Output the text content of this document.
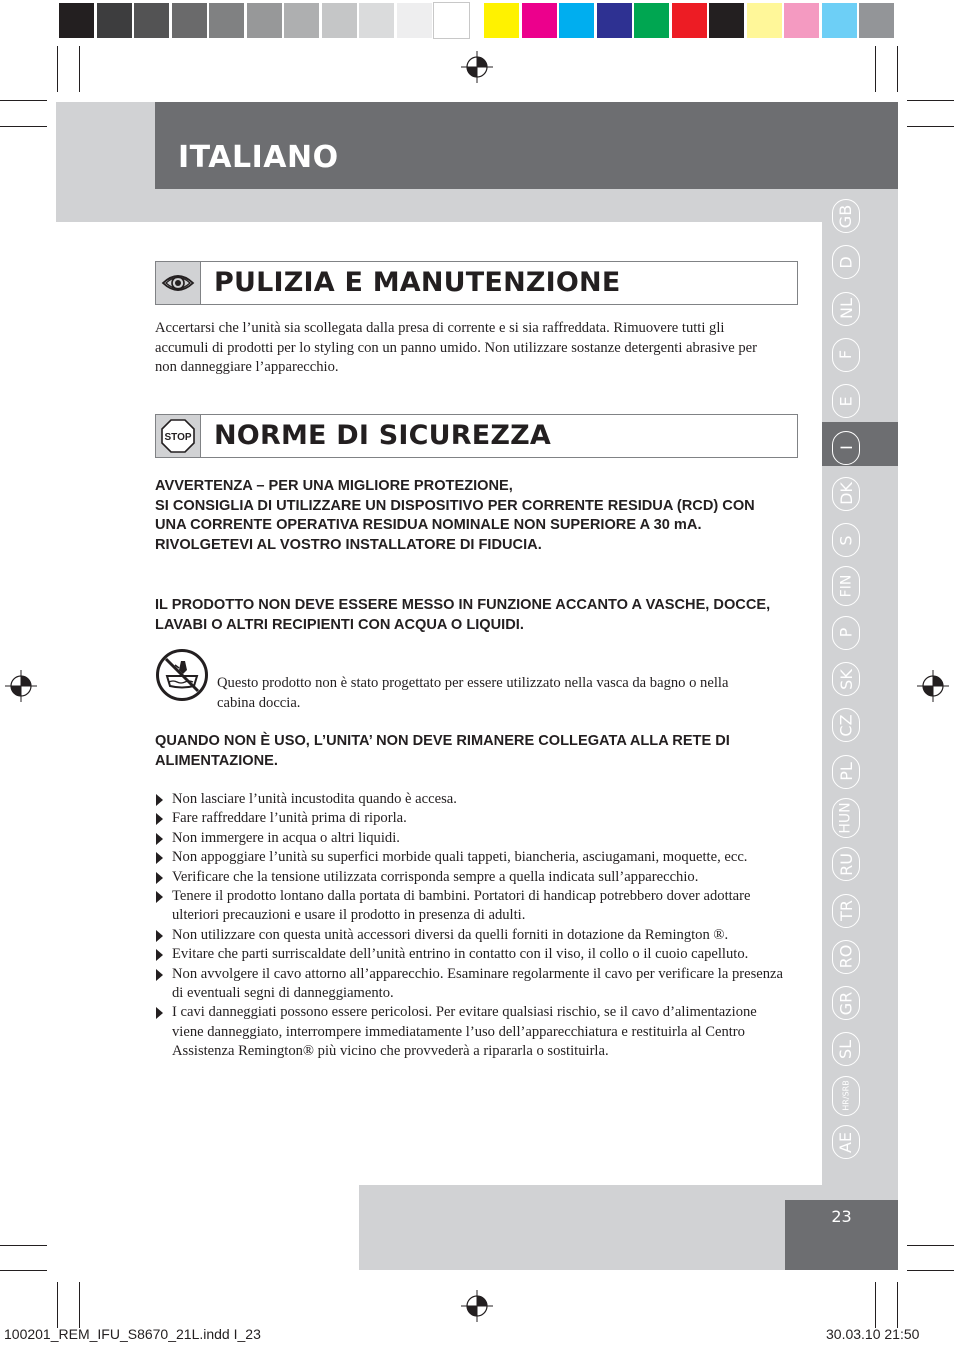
ITALIANO
GB
D
NL
F
E
I
DK
S
FIN
P
SK
CZ
PL
HUN
RU
TR
RO
GR
SL
HR/SRB
AE
23
PULIZIA E MANUTENZIONE

Accertarsi che l’unità sia scollegata dalla presa di corrente e si sia raffreddata. Rimuovere tutti gli accumuli di prodotti per lo styling con un panno umido. Non utilizzare sostanze detergenti abrasive per non danneggiare l’apparecchio.

STOP NORME DI SICUREZZA
AVVERTENZA – PER UNA MIGLIORE PROTEZIONE,
SI CONSIGLIA DI UTILIZZARE UN DISPOSITIVO PER CORRENTE RESIDUA (RCD) CON UNA CORRENTE OPERATIVA RESIDUA NOMINALE NON SUPERIORE A 30 mA. RIVOLGETEVI AL VOSTRO INSTALLATORE DI FIDUCIA.
IL PRODOTTO NON DEVE ESSERE MESSO IN FUNZIONE ACCANTO A VASCHE, DOCCE, LAVABI O ALTRI RECIPIENTI CON ACQUA O LIQUIDI.

Questo prodotto non è stato progettato per essere utilizzato nella vasca da bagno o nella cabina doccia.

QUANDO NON È USO, L’UNITA’ NON DEVE RIMANERE COLLEGATA ALLA RETE DI ALIMENTAZIONE.
Non lasciare l’unità incustodita quando è accesa.
Fare raffreddare l’unità prima di riporla.
Non immergere in acqua o altri liquidi.
Non appoggiare l’unità su superfici morbide quali tappeti, biancheria, asciugamani, moquette, ecc.
Verificare che la tensione utilizzata corrisponda sempre a quella indicata sull’apparecchio.
Tenere il prodotto lontano dalla portata di bambini. Portatori di handicap potrebbero dover adottare ulteriori precauzioni e usare il prodotto in presenza di adulti.
Non utilizzare con questa unità accessori diversi da quelli forniti in dotazione da Remington ®.
Evitare che parti surriscaldate dell’unità entrino in contatto con il viso, il collo o il cuoio capelluto.
Non avvolgere il cavo attorno all’apparecchio. Esaminare regolarmente il cavo per verificare la presenza di eventuali segni di danneggiamento.
I cavi danneggiati possono essere pericolosi. Per evitare qualsiasi rischio, se il cavo d’alimentazione viene danneggiato, interrompere immediatamente l’uso dell’apparecchiatura e restituirla al Centro Assistenza Remington® più vicino che provvederà a ripararla o sostituirla.
100201_REM_IFU_S8670_21L.indd I_23	30.03.10 21:50
